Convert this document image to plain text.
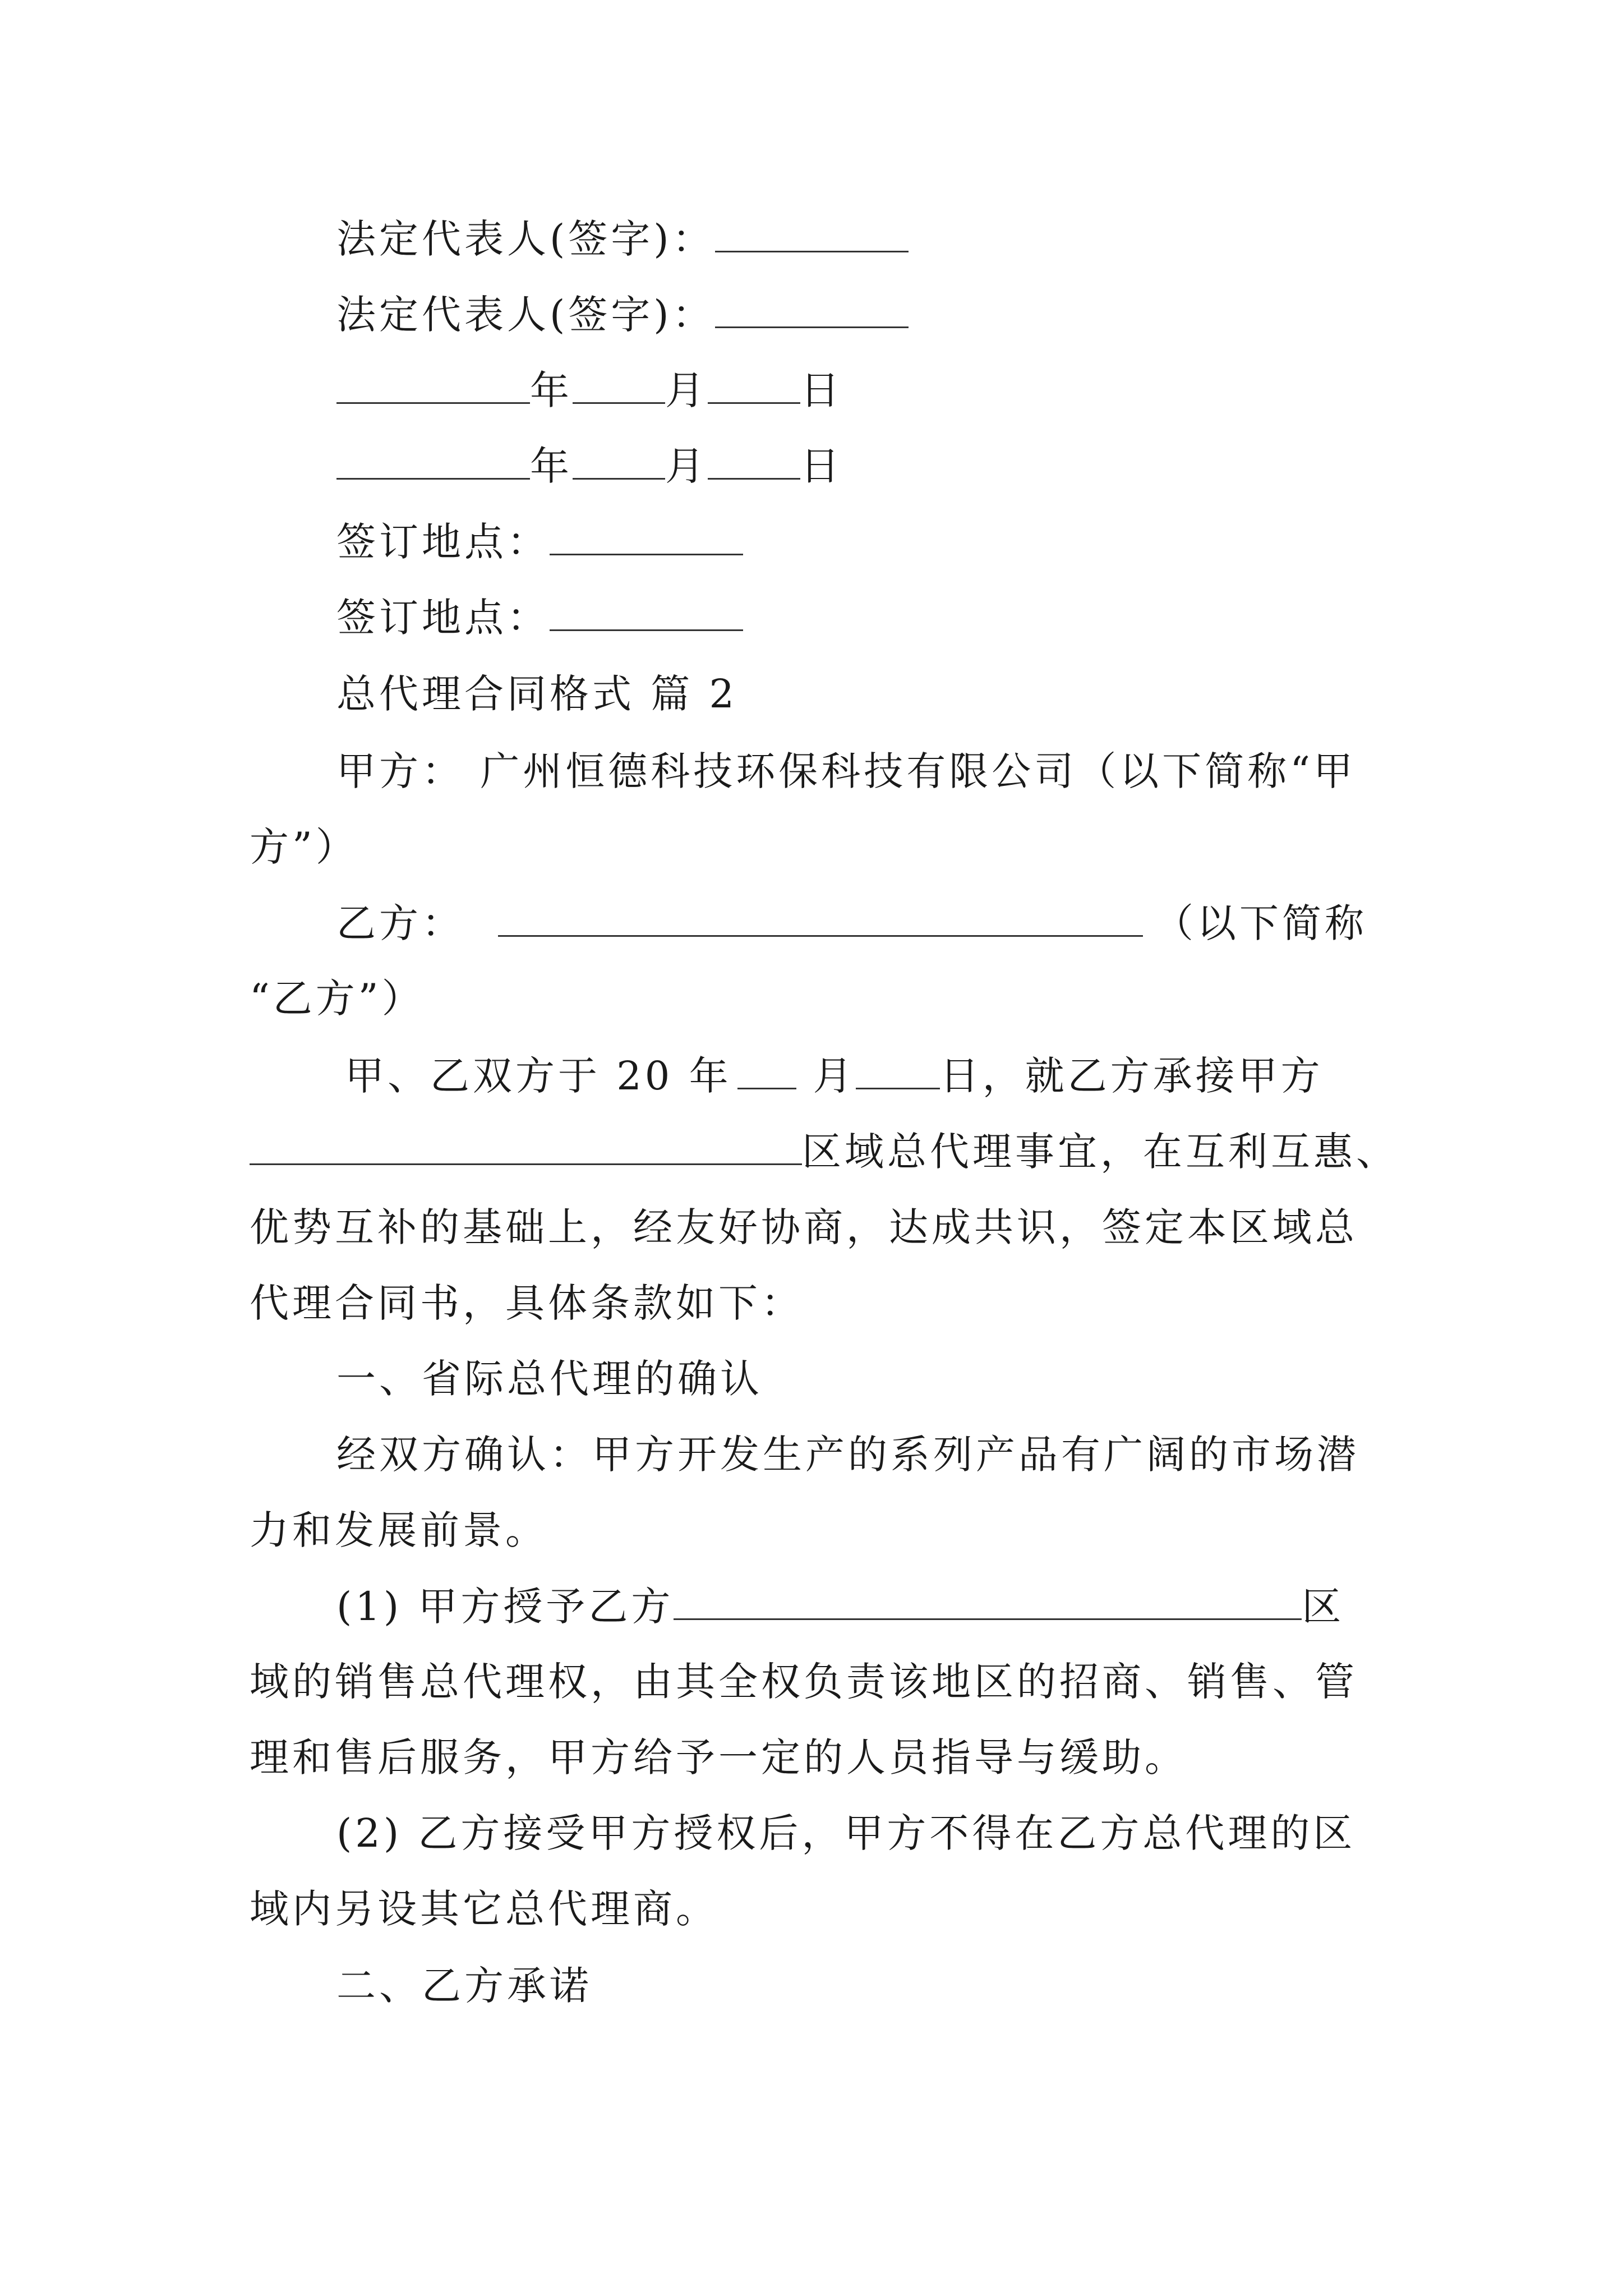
法定代表人(签字)：
法定代表人(签字)：
年 月 日
年 月 日
签订地点：
签订地点：
总代理合同格式 篇 2
甲方： 广州恒德科技环保科技有限公司（以下简称“甲
方”）
乙方：	（以下简称
“乙方”）
甲、乙双方于 20 年 月 日，就乙方承接甲方
区域总代理事宜，在互利互惠、
优势互补的基础上，经友好协商，达成共识，签定本区域总
代理合同书，具体条款如下：
一、省际总代理的确认
经双方确认：甲方开发生产的系列产品有广阔的市场潜
力和发展前景。
(1) 甲方授予乙方	区
域的销售总代理权，由其全权负责该地区的招商、销售、管
理和售后服务，甲方给予一定的人员指导与缓助。
(2) 乙方接受甲方授权后，甲方不得在乙方总代理的区
域内另设其它总代理商。
二、乙方承诺
